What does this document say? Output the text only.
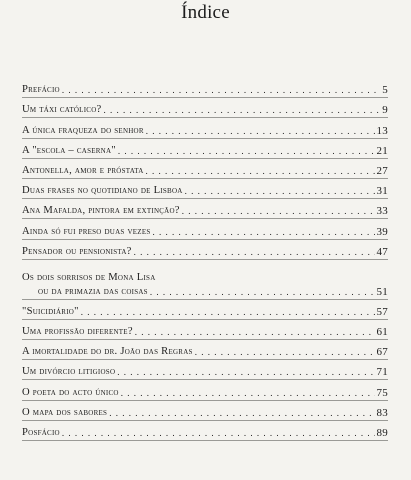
Índice
Prefácio . . .	5
Um táxi católico? . . .	9
A única fraqueza do senhor . . .	13
A "escola – caserna" . . .	21
Antonella, amor e próstata . . .	27
Duas frases no quotidiano de Lisboa . . .	31
Ana Mafalda, pintora em extinção? . . .	33
Ainda só fui preso duas vezes . . .	39
Pensador ou pensionista? . . .	47
Os dois sorrisos de Mona Lisa
ou da primazia das coisas . . .	51
"Suicidiário" . . .	57
Uma profissão diferente? . . .	61
A imortalidade do dr. João das Regras . . .	67
Um divórcio litigioso . . .	71
O poeta do acto único . . .	75
O mapa dos sabores . . .	83
Posfácio . . .	89
